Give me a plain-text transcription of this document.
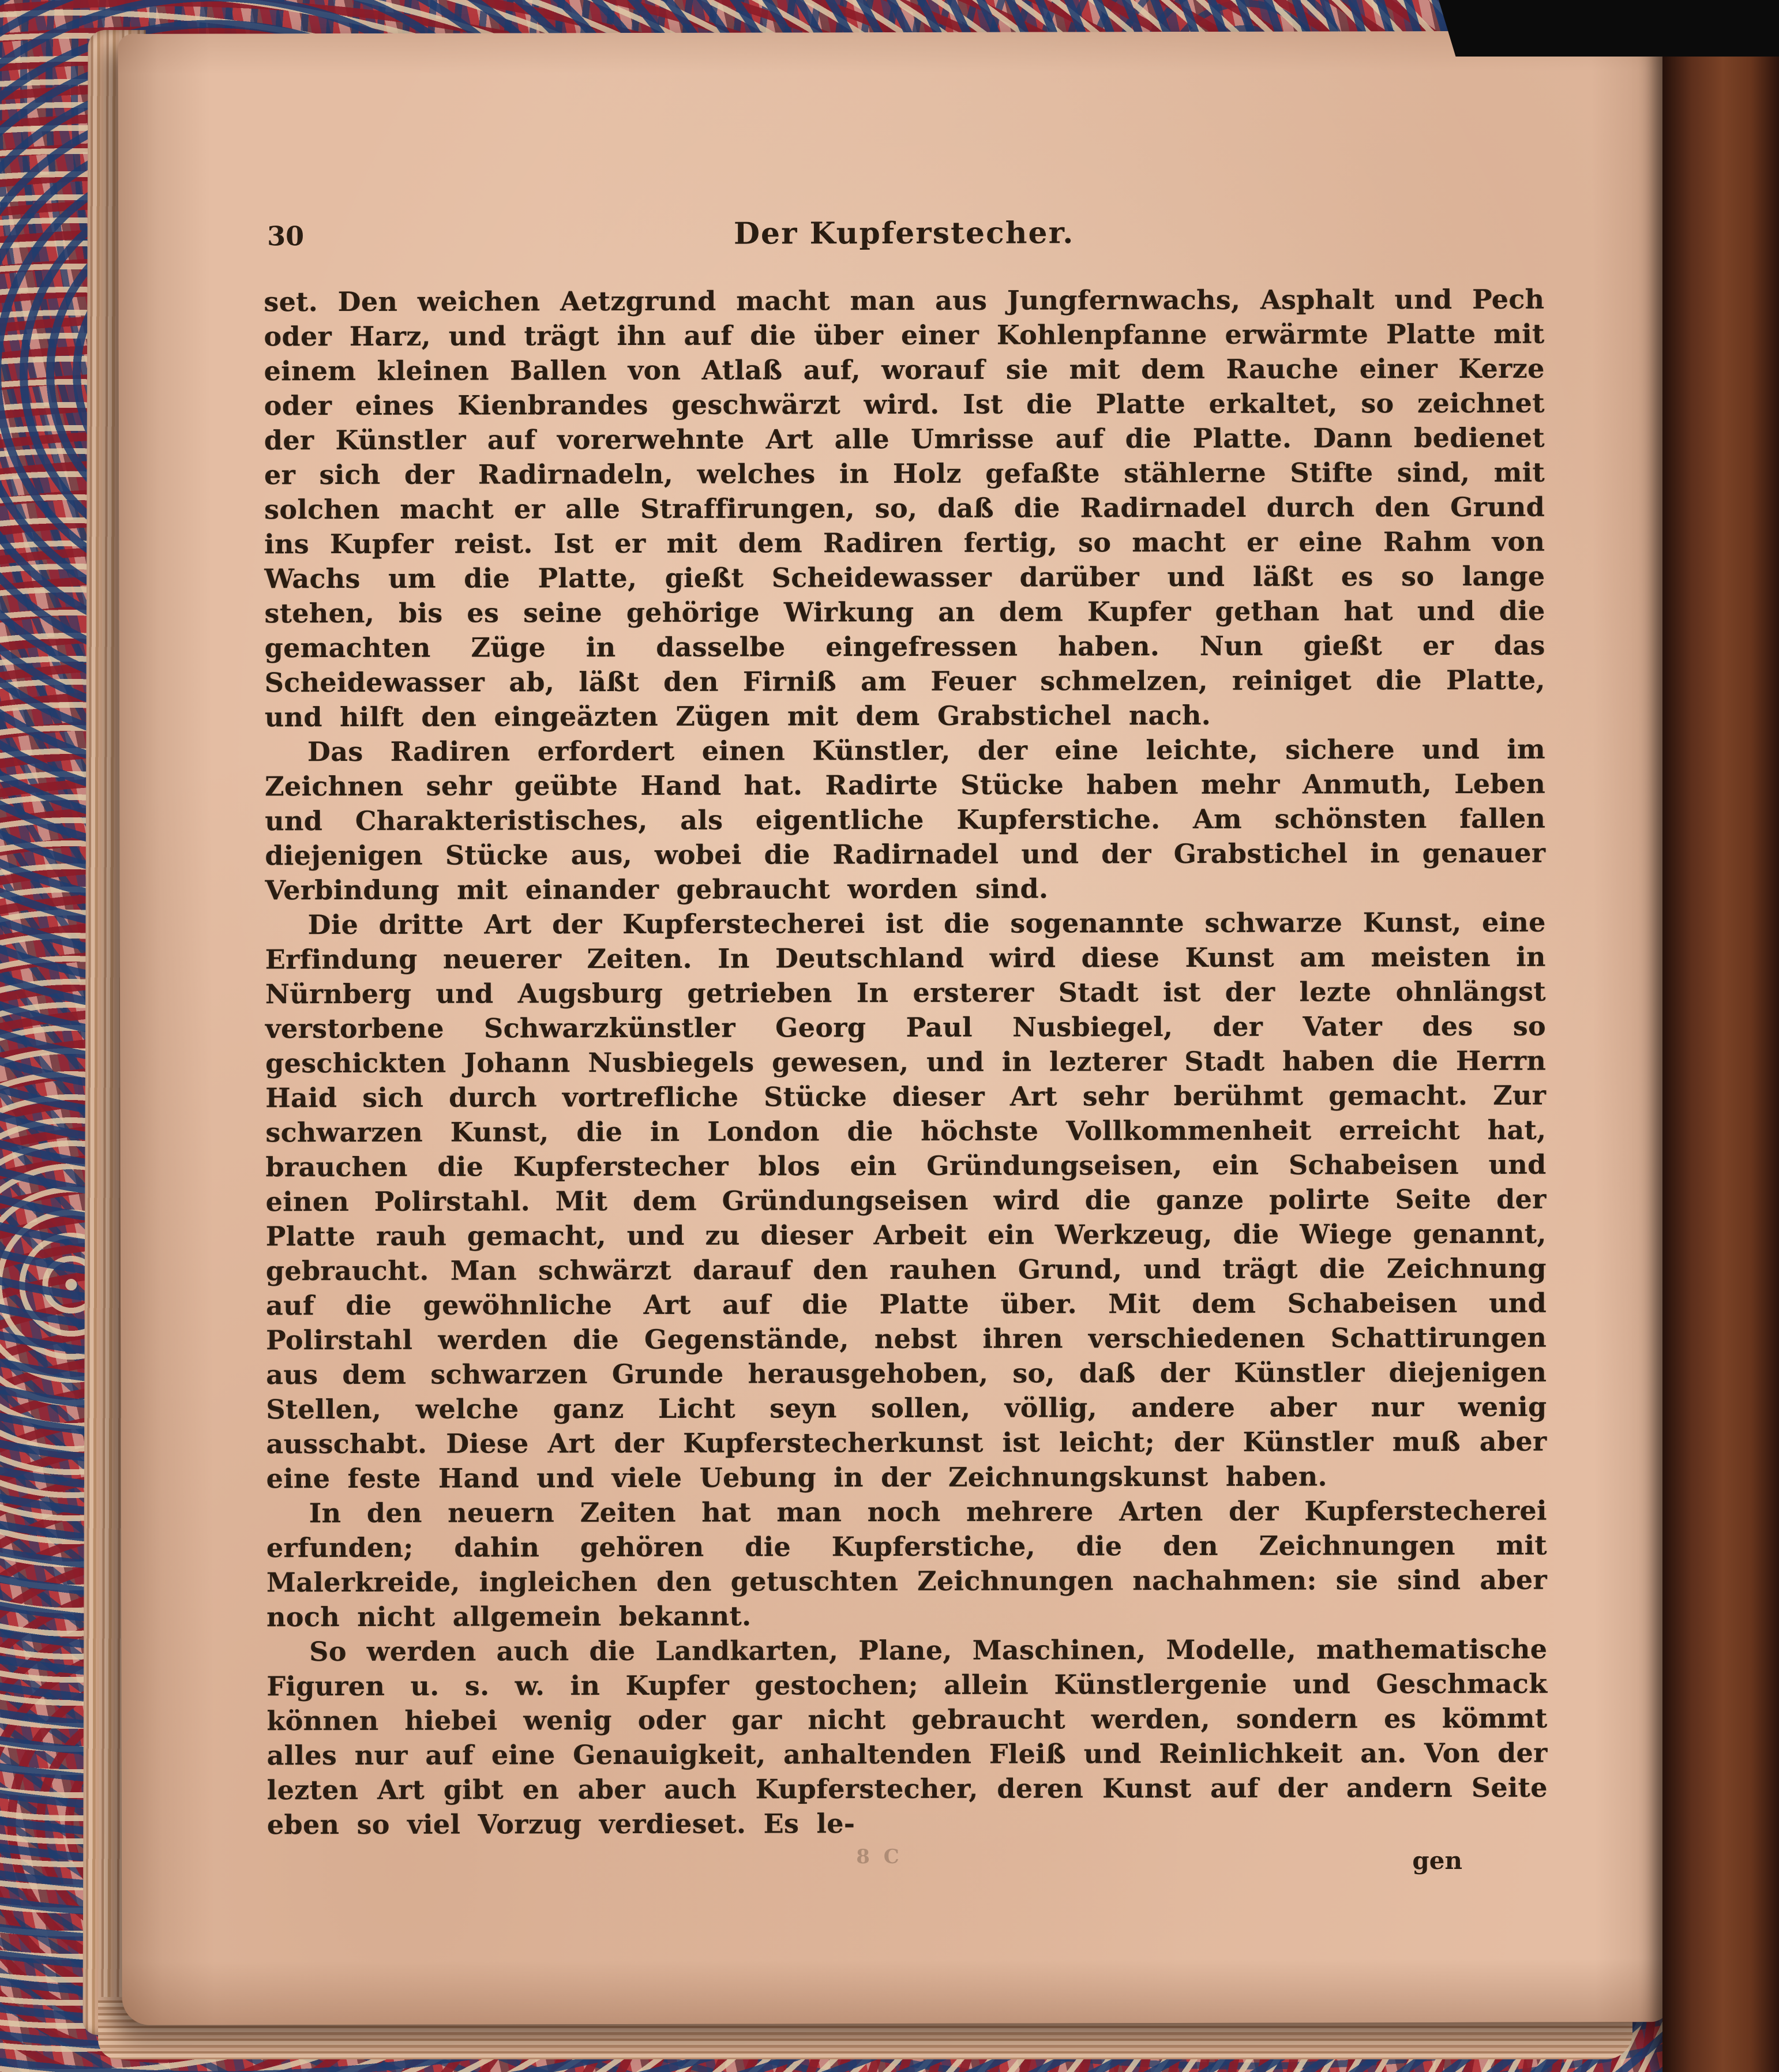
30	Der Kupferstecher.

set. Den weichen Aetzgrund macht man aus Jungfernwachs, Asphalt und Pech oder Harz, und trägt ihn auf die über einer Kohlenpfanne erwärmte Platte mit einem kleinen Ballen von Atlaß auf, worauf sie mit dem Rauche einer Kerze oder eines Kienbrandes geschwärzt wird. Ist die Platte erkaltet, so zeichnet der Künstler auf vorerwehnte Art alle Umrisse auf die Platte. Dann bedienet er sich der Radirnadeln, welches in Holz gefaßte stählerne Stifte sind, mit solchen macht er alle Straffirungen, so, daß die Radirnadel durch den Grund ins Kupfer reist. Ist er mit dem Radiren fertig, so macht er eine Rahm von Wachs um die Platte, gießt Scheidewasser darüber und läßt es so lange stehen, bis es seine gehörige Wirkung an dem Kupfer gethan hat und die gemachten Züge in dasselbe eingefressen haben. Nun gießt er das Scheidewasser ab, läßt den Firniß am Feuer schmelzen, reiniget die Platte, und hilft den eingeäzten Zügen mit dem Grabstichel nach.

Das Radiren erfordert einen Künstler, der eine leichte, sichere und im Zeichnen sehr geübte Hand hat. Radirte Stücke haben mehr Anmuth, Leben und Charakteristisches, als eigentliche Kupferstiche. Am schönsten fallen diejenigen Stücke aus, wobei die Radirnadel und der Grabstichel in genauer Verbindung mit einander gebraucht worden sind.

Die dritte Art der Kupferstecherei ist die sogenannte schwarze Kunst, eine Erfindung neuerer Zeiten. In Deutschland wird diese Kunst am meisten in Nürnberg und Augsburg getrieben In ersterer Stadt ist der lezte ohnlängst verstorbene Schwarzkünstler Georg Paul Nusbiegel, der Vater des so geschickten Johann Nusbiegels gewesen, und in lezterer Stadt haben die Herrn Haid sich durch vortrefliche Stücke dieser Art sehr berühmt gemacht. Zur schwarzen Kunst, die in London die höchste Vollkommenheit erreicht hat, brauchen die Kupferstecher blos ein Gründungseisen, ein Schabeisen und einen Polirstahl. Mit dem Gründungseisen wird die ganze polirte Seite der Platte rauh gemacht, und zu dieser Arbeit ein Werkzeug, die Wiege genannt, gebraucht. Man schwärzt darauf den rauhen Grund, und trägt die Zeichnung auf die gewöhnliche Art auf die Platte über. Mit dem Schabeisen und Polirstahl werden die Gegenstände, nebst ihren verschiedenen Schattirungen aus dem schwarzen Grunde herausgehoben, so, daß der Künstler diejenigen Stellen, welche ganz Licht seyn sollen, völlig, andere aber nur wenig ausschabt. Diese Art der Kupferstecherkunst ist leicht; der Künstler muß aber eine feste Hand und viele Uebung in der Zeichnungskunst haben.

In den neuern Zeiten hat man noch mehrere Arten der Kupferstecherei erfunden; dahin gehören die Kupferstiche, die den Zeichnungen mit Malerkreide, ingleichen den getuschten Zeichnungen nachahmen: sie sind aber noch nicht allgemein bekannt.

So werden auch die Landkarten, Plane, Maschinen, Modelle, mathematische Figuren u. s. w. in Kupfer gestochen; allein Künstlergenie und Geschmack können hiebei wenig oder gar nicht gebraucht werden, sondern es kömmt alles nur auf eine Genauigkeit, anhaltenden Fleiß und Reinlichkeit an. Von der lezten Art gibt en aber auch Kupferstecher, deren Kunst auf der andern Seite eben so viel Vorzug verdieset. Es le-

8 C	gen
